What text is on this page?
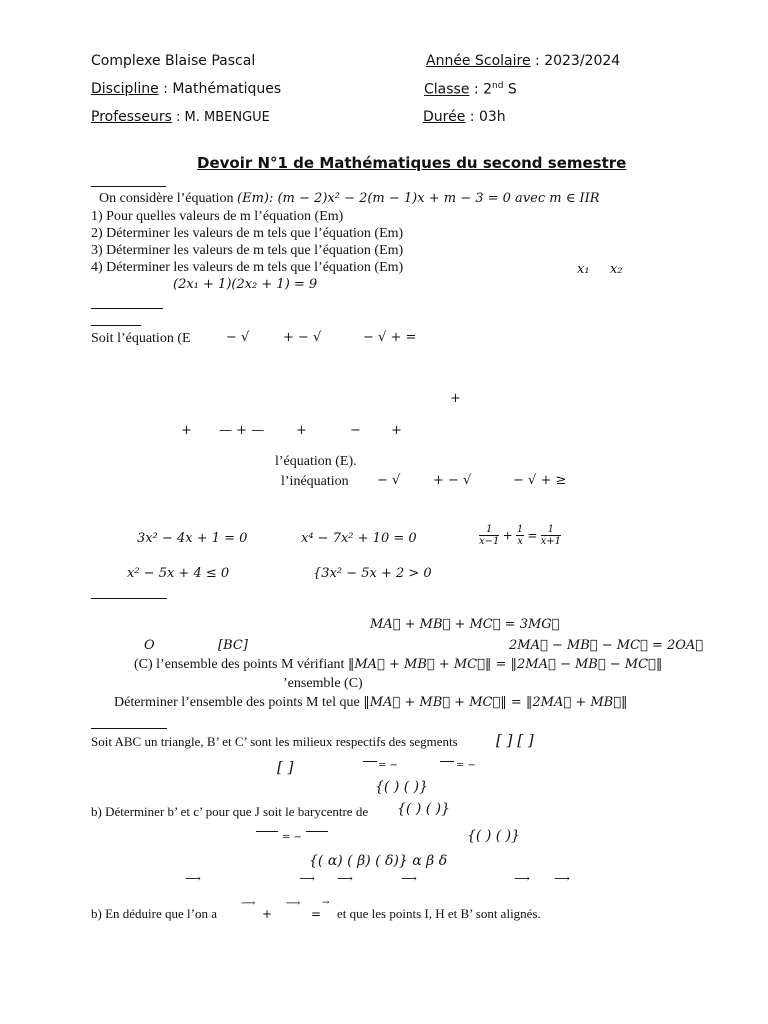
Complexe Blaise Pascal	Année Scolaire : 2023/2024
Discipline : Mathématiques	Classe : 2nd S
Professeurs : M. MBENGUE	Durée : 03h
Devoir N°1 de Mathématiques du second semestre
On considère l’équation (Em): (m − 2)x² − 2(m − 1)x + m − 3 = 0 avec m ∈ IIR
1) Pour quelles valeurs de m l’équation (Em)
2) Déterminer les valeurs de m tels que l’équation (Em)
3) Déterminer les valeurs de m tels que l’équation (Em)
4) Déterminer les valeurs de m tels que l’équation (Em)	x₁ x₂
(2x₁ + 1)(2x₂ + 1) = 9
Soit l’équation (E	− √	+ − √	− √ + =
+
+ — + — +	− +
l’équation (E).
l’inéquation − √	+ − √	− √ + ≥
3x² − 4x + 1 = 0	x⁴ − 7x² + 10 = 0	$\frac{1}{x-1} + \frac{1}{x} = \frac{1}{x+1}$
x² − 5x + 4 ≤ 0	{3x² − 5x + 2 > 0
MA⃗ + MB⃗ + MC⃗ = 3MG⃗
O	[BC]	2MA⃗ − MB⃗ − MC⃗ = 2OA⃗
(C) l’ensemble des points M vérifiant ‖MA⃗ + MB⃗ + MC⃗‖ = ‖2MA⃗ − MB⃗ − MC⃗‖
’ensemble (C)
Déterminer l’ensemble des points M tel que ‖MA⃗ + MB⃗ + MC⃗‖ = ‖2MA⃗ + MB⃗‖
Soit ABC un triangle, B’ et C’ sont les milieux respectifs des segments	[ ] [ ]
[ ]	= −	= −
{( ) ( )}
b) Déterminer b’ et c’ pour que J soit le barycentre de {( ) ( )}
= −	{( ) ( )}
{( α) ( β) ( δ)} α β δ
⟶	⟶ ⟶	⟶	⟶ ⟶
b) En déduire que l’on a
⟶
+
⟶
=
→
et que les points I, H et B’ sont alignés.
